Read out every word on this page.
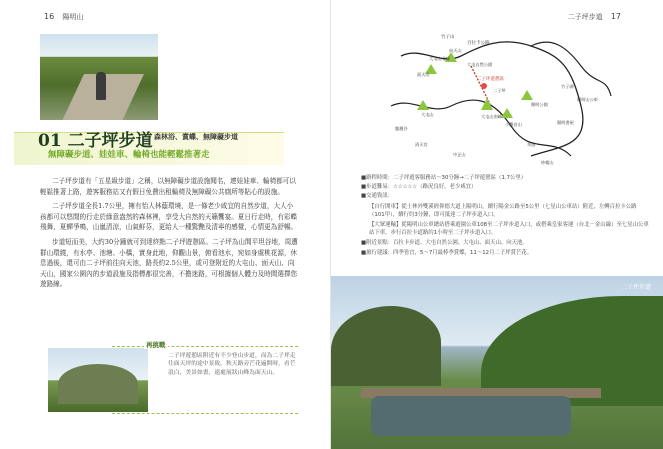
16 陽明山
01 二子坪步道 森林浴、賞蝶、無障礙步道
無障礙步道、娃娃車、輪椅也能輕鬆推著走

二子坪步道有「五星級步道」之稱，以無障礙步道設施聞名，連娃娃車、輪椅都可以輕鬆推著上路，遊客服務站又有假日免費出租輪椅及無障礙公共廁所等貼心的設施。

二子坪步道全長1.7公里，擁有怡人林蔭環境，是一條老少咸宜的自然步道，大人小孩都可以悠閒的行走於綠意盎然的森林裡，享受大自然的天籟饗宴。夏日行走時，有彩蝶飛舞，夏蟬爭鳴，山嵐清涼，山氣鮮芬，更給人一種驚艷及清寧的感覺，心情更為舒暢。

步道短而美，大約30分鐘就可到達終點二子坪遊憩區。二子坪為山間平坦谷地，周遭群山環繞，有水亭、池塘、小橋，實身此地，仰觀山景，俯看池水，宛如身處桃花源，休息過後，還可由二子坪前往向天池，路長約2.5公里，或可登附近的大屯山、面天山、向天山，國家公園內的步道設施及指標都很完善，不擔迷路，可根據個人體力及時間選擇您遊路線。

再挑戰
二子坪遊憩區附近有不少登山步道，而為二子坪走往面天坪的途中景致，秋天路旁芒花遍開時，看芒浪白，美景如畫，遠處展狀山峰為面天山。
二子坪步道 17
竹子山
百拉卡公路
大屯山北峰
大屯自然公園
向天山
面天山
二子坪遊憩區
二子坪
大屯山	大屯山南峰
小觀音山
陽明山公車
清天宮
竹子湖
陽明書屋
中正山
陽明公園
翠園
龍鳳谷
紗帽山
■路程時間：二子坪遊客服務站～30分鐘→二子坪遊憩區（1.7公里）
■步道難易：☆☆☆☆☆（路況良好，老少咸宜）
■交通資訊：
【自行開車】從士林外雙溪經仰德大道上陽明山，續行陽金公路至5公里（七星山公車站）附近，左轉百拉卡公路（101甲），續行約3分鐘，即可抵達二子坪步道入口。
【大眾運輸】從陽明山公車總站搭乘遊園公車108至二子坪步道入口，或搭乘皇家客運（台北－金山線）至七星山公車站下車，步行百拉卡道路約1小時至二子坪步道入口。
■附近景點：百拉卡步道、大屯自然公園、大屯山、面天山、向天池。
■旅行建議：四季皆宜，5～7月最棒季賞蝶，11～12月二子坪賞芒花。
二子坪步道
